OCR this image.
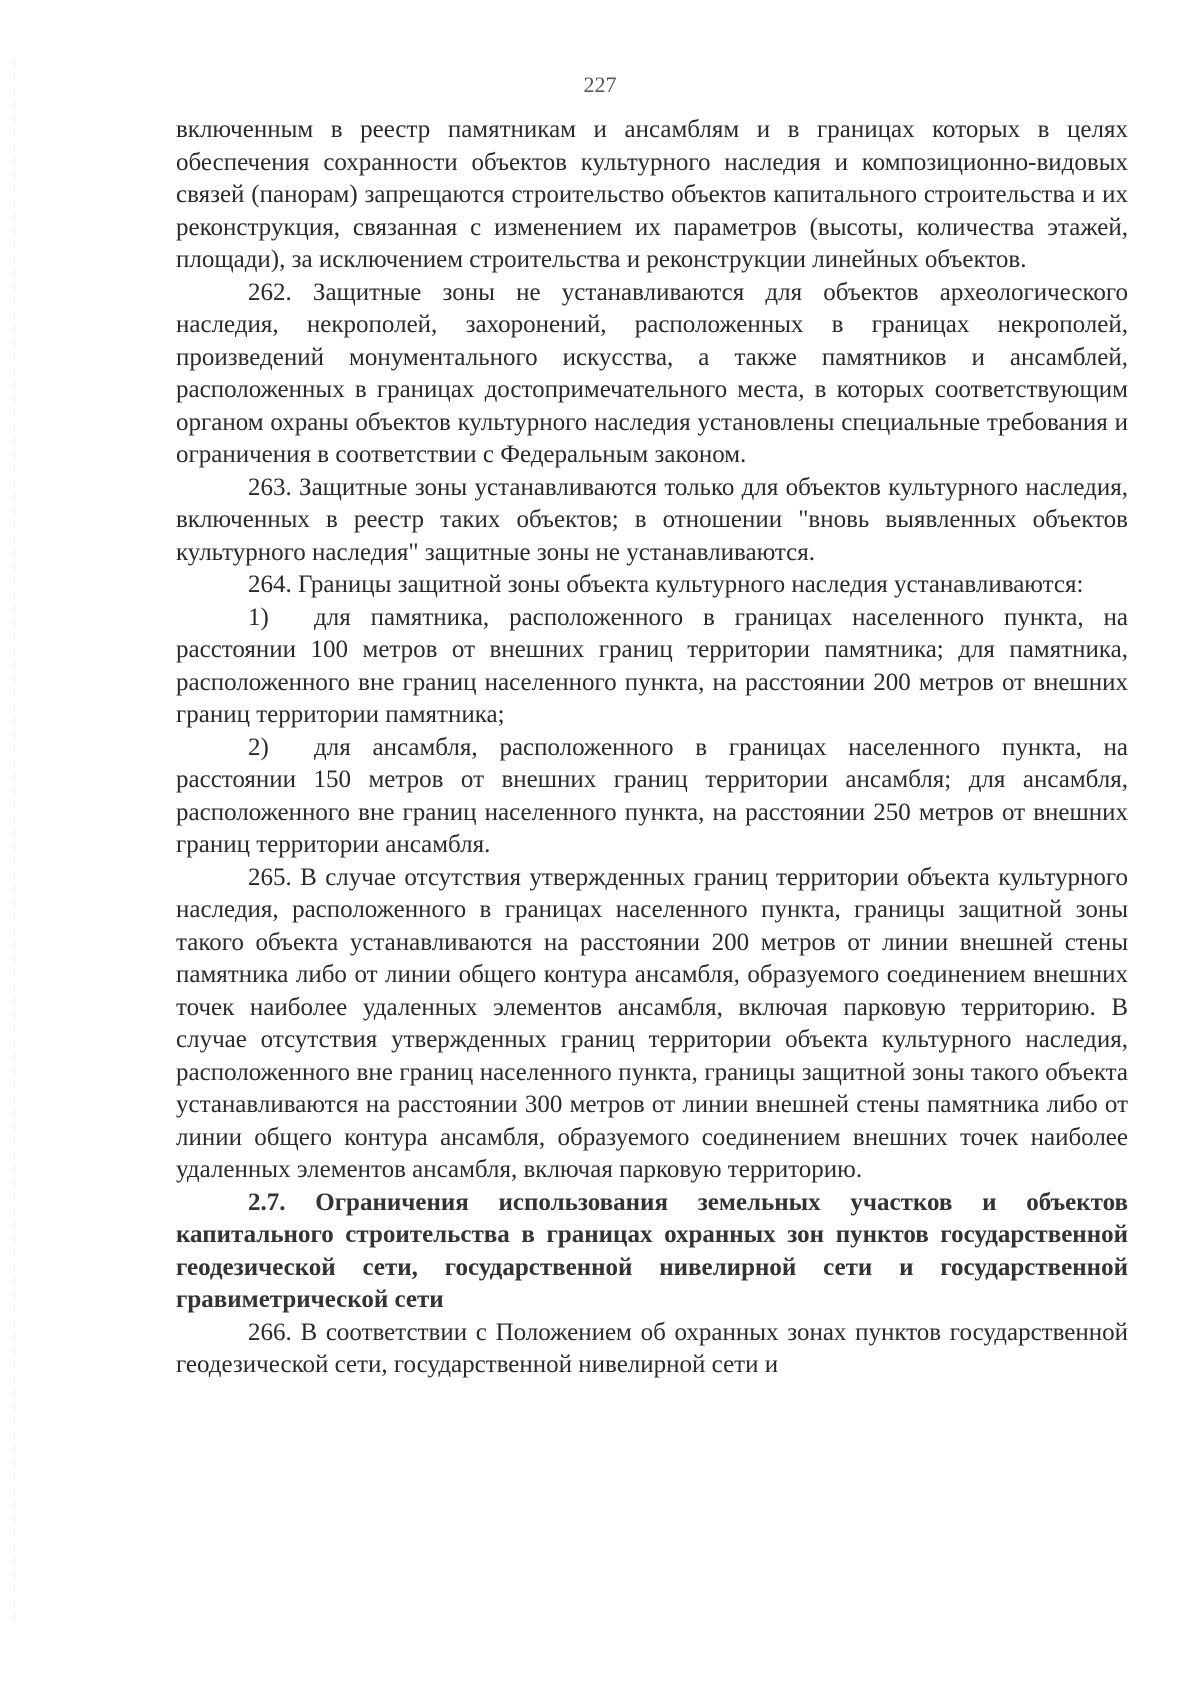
227

включенным в реестр памятникам и ансамблям и в границах которых в целях обеспечения сохранности объектов культурного наследия и композиционно-видовых связей (панорам) запрещаются строительство объектов капитального строительства и их реконструкция, связанная с изменением их параметров (высоты, количества этажей, площади), за исключением строительства и реконструкции линейных объектов.

262. Защитные зоны не устанавливаются для объектов археологического наследия, некрополей, захоронений, расположенных в границах некрополей, произведений монументального искусства, а также памятников и ансамблей, расположенных в границах достопримечательного места, в которых соответствующим органом охраны объектов культурного наследия установлены специальные требования и ограничения в соответствии с Федеральным законом.

263. Защитные зоны устанавливаются только для объектов культурного наследия, включенных в реестр таких объектов; в отношении "вновь выявленных объектов культурного наследия" защитные зоны не устанавливаются.

264. Границы защитной зоны объекта культурного наследия устанавливаются:

1) для памятника, расположенного в границах населенного пункта, на расстоянии 100 метров от внешних границ территории памятника; для памятника, расположенного вне границ населенного пункта, на расстоянии 200 метров от внешних границ территории памятника;

2) для ансамбля, расположенного в границах населенного пункта, на расстоянии 150 метров от внешних границ территории ансамбля; для ансамбля, расположенного вне границ населенного пункта, на расстоянии 250 метров от внешних границ территории ансамбля.

265. В случае отсутствия утвержденных границ территории объекта культурного наследия, расположенного в границах населенного пункта, границы защитной зоны такого объекта устанавливаются на расстоянии 200 метров от линии внешней стены памятника либо от линии общего контура ансамбля, образуемого соединением внешних точек наиболее удаленных элементов ансамбля, включая парковую территорию. В случае отсутствия утвержденных границ территории объекта культурного наследия, расположенного вне границ населенного пункта, границы защитной зоны такого объекта устанавливаются на расстоянии 300 метров от линии внешней стены памятника либо от линии общего контура ансамбля, образуемого соединением внешних точек наиболее удаленных элементов ансамбля, включая парковую территорию.

2.7. Ограничения использования земельных участков и объектов капитального строительства в границах охранных зон пунктов государственной геодезической сети, государственной нивелирной сети и государственной гравиметрической сети

266. В соответствии с Положением об охранных зонах пунктов государственной геодезической сети, государственной нивелирной сети и
